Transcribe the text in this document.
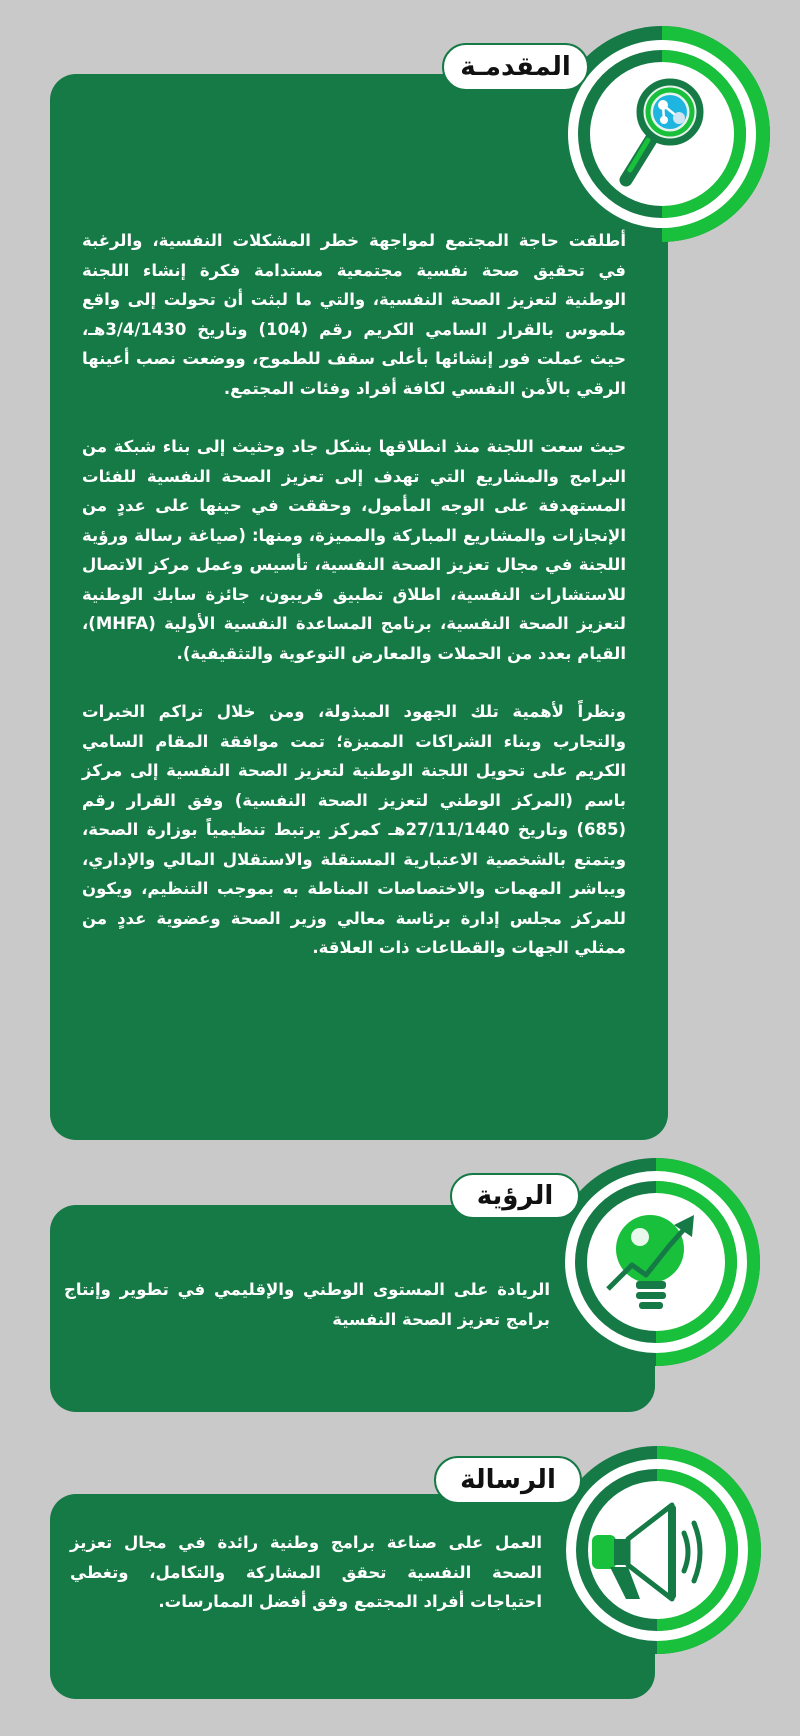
المقدمـة

أطلقت حاجة المجتمع لمواجهة خطر المشكلات النفسية، والرغبة في تحقيق صحة نفسية مجتمعية مستدامة فكرة إنشاء اللجنة الوطنية لتعزيز الصحة النفسية، والتي ما لبثت أن تحولت إلى واقع ملموس بالقرار السامي الكريم رقم (104) وتاريخ 3/4/1430هـ، حيث عملت فور إنشائها بأعلى سقف للطموح، ووضعت نصب أعينها الرقي بالأمن النفسي لكافة أفراد وفئات المجتمع.

حيث سعت اللجنة منذ انطلاقها بشكل جاد وحثيث إلى بناء شبكة من البرامج والمشاريع التي تهدف إلى تعزيز الصحة النفسية للفئات المستهدفة على الوجه المأمول، وحققت في حينها على عددٍ من الإنجازات والمشاريع المباركة والمميزة، ومنها: (صياغة رسالة ورؤية اللجنة في مجال تعزيز الصحة النفسية، تأسيس وعمل مركز الاتصال للاستشارات النفسية، اطلاق تطبيق قريبون، جائزة سابك الوطنية لتعزيز الصحة النفسية، برنامج المساعدة النفسية الأولية (MHFA)، القيام بعدد من الحملات والمعارض التوعوية والتثقيفية).

ونظراً لأهمية تلك الجهود المبذولة، ومن خلال تراكم الخبرات والتجارب وبناء الشراكات المميزة؛ تمت موافقة المقام السامي الكريم على تحويل اللجنة الوطنية لتعزيز الصحة النفسية إلى مركز باسم (المركز الوطني لتعزيز الصحة النفسية) وفق القرار رقم (685) وتاريخ 27/11/1440هـ كمركز يرتبط تنظيمياً بوزارة الصحة، ويتمتع بالشخصية الاعتبارية المستقلة والاستقلال المالي والإداري، ويباشر المهمات والاختصاصات المناطة به بموجب التنظيم، ويكون للمركز مجلس إدارة برئاسة معالي وزير الصحة وعضوية عددٍ من ممثلي الجهات والقطاعات ذات العلاقة.

الرؤية

الريادة على المستوى الوطني والإقليمي في تطوير وإنتاج برامج تعزيز الصحة النفسية

الرسالة

العمل على صناعة برامج وطنية رائدة في مجال تعزيز الصحة النفسية تحقق المشاركة والتكامل، وتغطي احتياجات أفراد المجتمع وفق أفضل الممارسات.
